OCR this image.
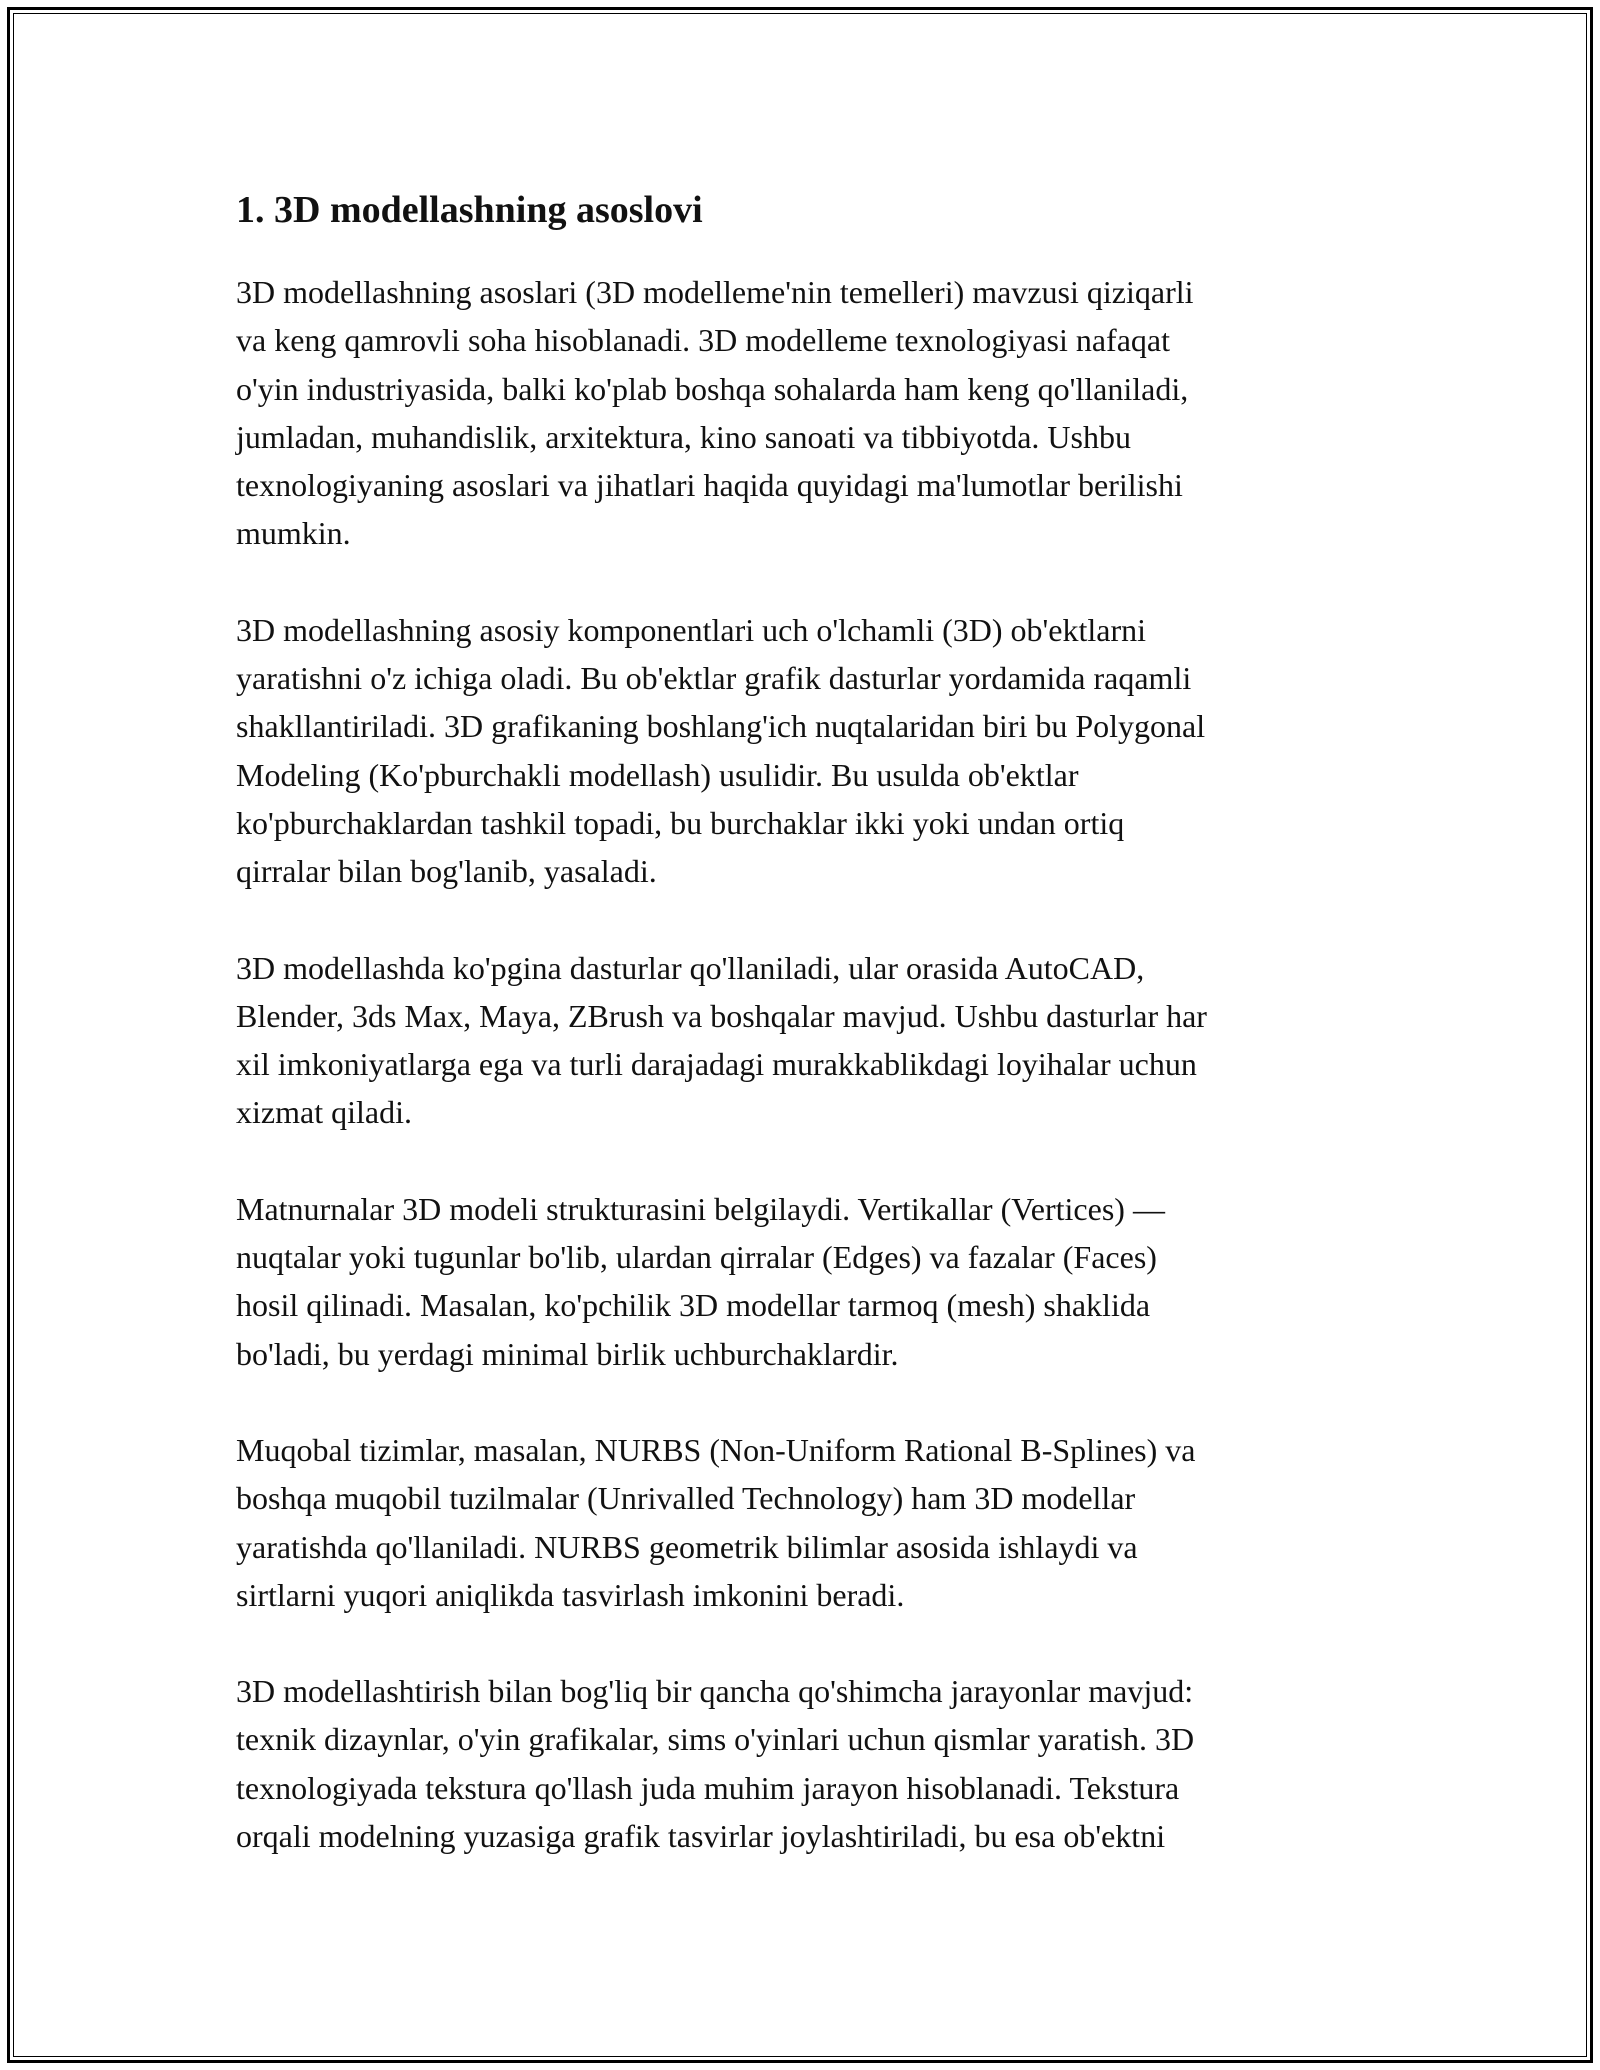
1. 3D modellashning asoslovi

3D modellashning asoslari (3D modelleme'nin temelleri) mavzusi qiziqarli
va keng qamrovli soha hisoblanadi. 3D modelleme texnologiyasi nafaqat
o'yin industriyasida, balki ko'plab boshqa sohalarda ham keng qo'llaniladi,
jumladan, muhandislik, arxitektura, kino sanoati va tibbiyotda. Ushbu
texnologiyaning asoslari va jihatlari haqida quyidagi ma'lumotlar berilishi
mumkin.

3D modellashning asosiy komponentlari uch o'lchamli (3D) ob'ektlarni
yaratishni o'z ichiga oladi. Bu ob'ektlar grafik dasturlar yordamida raqamli
shakllantiriladi. 3D grafikaning boshlang'ich nuqtalaridan biri bu Polygonal
Modeling (Ko'pburchakli modellash) usulidir. Bu usulda ob'ektlar
ko'pburchaklardan tashkil topadi, bu burchaklar ikki yoki undan ortiq
qirralar bilan bog'lanib, yasaladi.

3D modellashda ko'pgina dasturlar qo'llaniladi, ular orasida AutoCAD,
Blender, 3ds Max, Maya, ZBrush va boshqalar mavjud. Ushbu dasturlar har
xil imkoniyatlarga ega va turli darajadagi murakkablikdagi loyihalar uchun
xizmat qiladi.

Matnurnalar 3D modeli strukturasini belgilaydi. Vertikallar (Vertices) —
nuqtalar yoki tugunlar bo'lib, ulardan qirralar (Edges) va fazalar (Faces)
hosil qilinadi. Masalan, ko'pchilik 3D modellar tarmoq (mesh) shaklida
bo'ladi, bu yerdagi minimal birlik uchburchaklardir.

Muqobal tizimlar, masalan, NURBS (Non-Uniform Rational B-Splines) va
boshqa muqobil tuzilmalar (Unrivalled Technology) ham 3D modellar
yaratishda qo'llaniladi. NURBS geometrik bilimlar asosida ishlaydi va
sirtlarni yuqori aniqlikda tasvirlash imkonini beradi.

3D modellashtirish bilan bog'liq bir qancha qo'shimcha jarayonlar mavjud:
texnik dizaynlar, o'yin grafikalar, sims o'yinlari uchun qismlar yaratish. 3D
texnologiyada tekstura qo'llash juda muhim jarayon hisoblanadi. Tekstura
orqali modelning yuzasiga grafik tasvirlar joylashtiriladi, bu esa ob'ektni
